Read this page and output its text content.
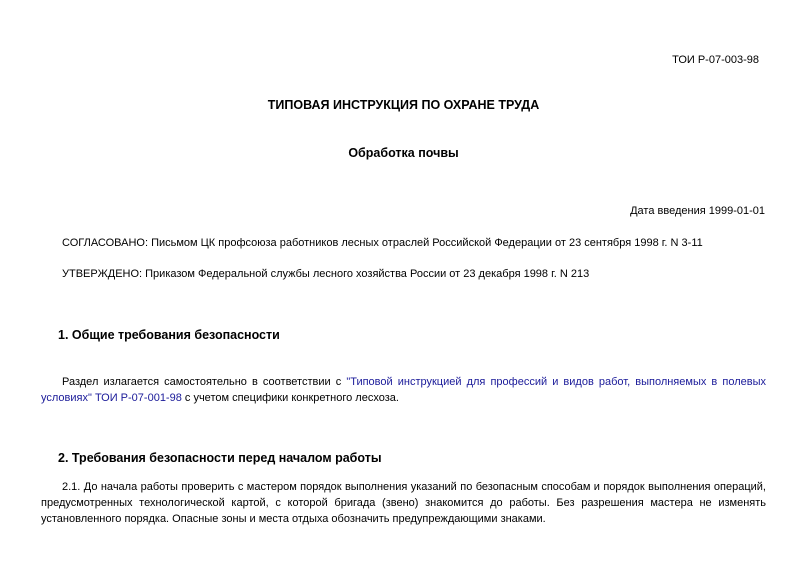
ТОИ Р-07-003-98
ТИПОВАЯ ИНСТРУКЦИЯ ПО ОХРАНЕ ТРУДА
Обработка почвы
Дата введения 1999-01-01
СОГЛАСОВАНО: Письмом ЦК профсоюза работников лесных отраслей Российской Федерации от 23 сентября 1998 г. N 3-11
УТВЕРЖДЕНО: Приказом Федеральной службы лесного хозяйства России от 23 декабря 1998 г. N 213
1. Общие требования безопасности
Раздел излагается самостоятельно в соответствии с "Типовой инструкцией для профессий и видов работ, выполняемых в полевых условиях" ТОИ Р-07-001-98 с учетом специфики конкретного лесхоза.
2. Требования безопасности перед началом работы
2.1. До начала работы проверить с мастером порядок выполнения указаний по безопасным способам и порядок выполнения операций, предусмотренных технологической картой, с которой бригада (звено) знакомится до работы. Без разрешения мастера не изменять установленного порядка. Опасные зоны и места отдыха обозначить предупреждающими знаками.
